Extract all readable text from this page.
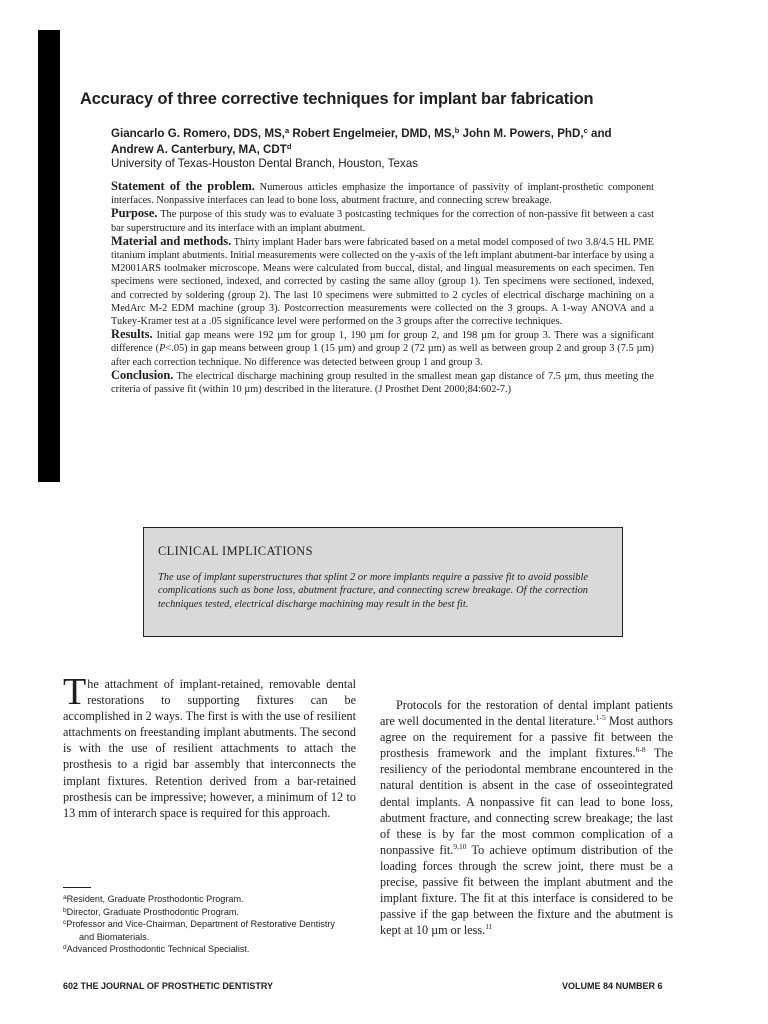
Accuracy of three corrective techniques for implant bar fabrication
Giancarlo G. Romero, DDS, MS,$^a$ Robert Engelmeier, DMD, MS,$^b$ John M. Powers, PhD,$^c$ and
Andrew A. Canterbury, MA, CDT$^d$
University of Texas-Houston Dental Branch, Houston, Texas

Statement of the problem. Numerous articles emphasize the importance of passivity of implant-prosthetic component interfaces. Nonpassive interfaces can lead to bone loss, abutment fracture, and connecting screw breakage.

Purpose. The purpose of this study was to evaluate 3 postcasting techniques for the correction of non-passive fit between a cast bar superstructure and its interface with an implant abutment.

Material and methods. Thirty implant Hader bars were fabricated based on a metal model composed of two 3.8/4.5 HL PME titanium implant abutments. Initial measurements were collected on the y-axis of the left implant abutment-bar interface by using a M2001ARS toolmaker microscope. Means were calculated from buccal, distal, and lingual measurements on each specimen. Ten specimens were sectioned, indexed, and corrected by casting the same alloy (group 1). Ten specimens were sectioned, indexed, and corrected by soldering (group 2). The last 10 specimens were submitted to 2 cycles of electrical discharge machining on a MedArc M-2 EDM machine (group 3). Postcorrection measurements were collected on the 3 groups. A 1-way ANOVA and a Tukey-Kramer test at a .05 significance level were performed on the 3 groups after the corrective techniques.

Results. Initial gap means were 192 µm for group 1, 190 µm for group 2, and 198 µm for group 3. There was a significant difference (P<.05) in gap means between group 1 (15 µm) and group 2 (72 µm) as well as between group 2 and group 3 (7.5 µm) after each correction technique. No difference was detected between group 1 and group 3.

Conclusion. The electrical discharge machining group resulted in the smallest mean gap distance of 7.5 µm, thus meeting the criteria of passive fit (within 10 µm) described in the literature. (J Prosthet Dent 2000;84:602-7.)

CLINICAL IMPLICATIONS

The use of implant superstructures that splint 2 or more implants require a passive fit to avoid possible complications such as bone loss, abutment fracture, and connecting screw breakage. Of the correction techniques tested, electrical discharge machining may result in the best fit.

The attachment of implant-retained, removable dental restorations to supporting fixtures can be accomplished in 2 ways. The first is with the use of resilient attachments on freestanding implant abutments. The second is with the use of resilient attachments to attach the prosthesis to a rigid bar assembly that interconnects the implant fixtures. Retention derived from a bar-retained prosthesis can be impressive; however, a minimum of 12 to 13 mm of interarch space is required for this approach.

Protocols for the restoration of dental implant patients are well documented in the dental literature.$^{1-5}$ Most authors agree on the requirement for a passive fit between the prosthesis framework and the implant fixtures.$^{6-8}$ The resiliency of the periodontal membrane encountered in the natural dentition is absent in the case of osseointegrated dental implants. A nonpassive fit can lead to bone loss, abutment fracture, and connecting screw breakage; the last of these is by far the most common complication of a nonpassive fit.$^{9,10}$ To achieve optimum distribution of the loading forces through the screw joint, there must be a precise, passive fit between the implant abutment and the implant fixture. The fit at this interface is considered to be passive if the gap between the fixture and the abutment is kept at 10 µm or less.$^{11}$

$^a$Resident, Graduate Prosthodontic Program.
$^b$Director, Graduate Prosthodontic Program.
$^c$Professor and Vice-Chairman, Department of Restorative Dentistry
and Biomaterials.
$^d$Advanced Prosthodontic Technical Specialist.
602 THE JOURNAL OF PROSTHETIC DENTISTRY	VOLUME 84 NUMBER 6
